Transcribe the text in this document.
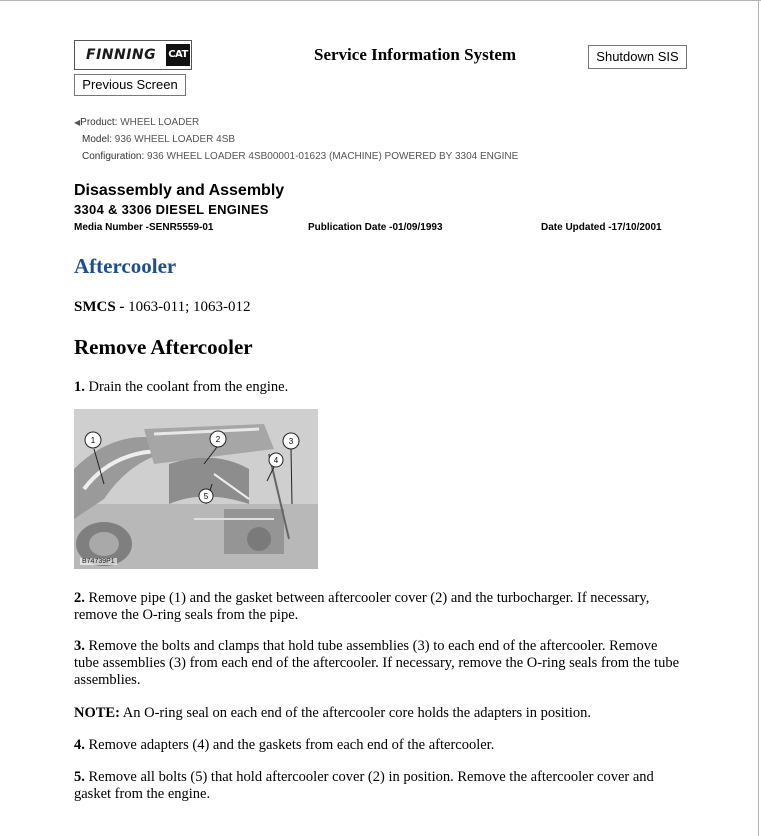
FINNING CAT	Service Information System	Shutdown SIS
Previous Screen
◀Product: WHEEL LOADER
Model: 936 WHEEL LOADER 4SB
Configuration: 936 WHEEL LOADER 4SB00001-01623 (MACHINE) POWERED BY 3304 ENGINE
Disassembly and Assembly
3304 & 3306 DIESEL ENGINES
Media Number -SENR5559-01	Publication Date -01/09/1993	Date Updated -17/10/2001
Aftercooler
SMCS - 1063-011; 1063-012
Remove Aftercooler
1. Drain the coolant from the engine.
1	2	3
4
5
B74739P1
2. Remove pipe (1) and the gasket between aftercooler cover (2) and the turbocharger. If necessary, remove the O-ring seals from the pipe.
3. Remove the bolts and clamps that hold tube assemblies (3) to each end of the aftercooler. Remove tube assemblies (3) from each end of the aftercooler. If necessary, remove the O-ring seals from the tube assemblies.
NOTE: An O-ring seal on each end of the aftercooler core holds the adapters in position.
4. Remove adapters (4) and the gaskets from each end of the aftercooler.
5. Remove all bolts (5) that hold aftercooler cover (2) in position. Remove the aftercooler cover and gasket from the engine.
